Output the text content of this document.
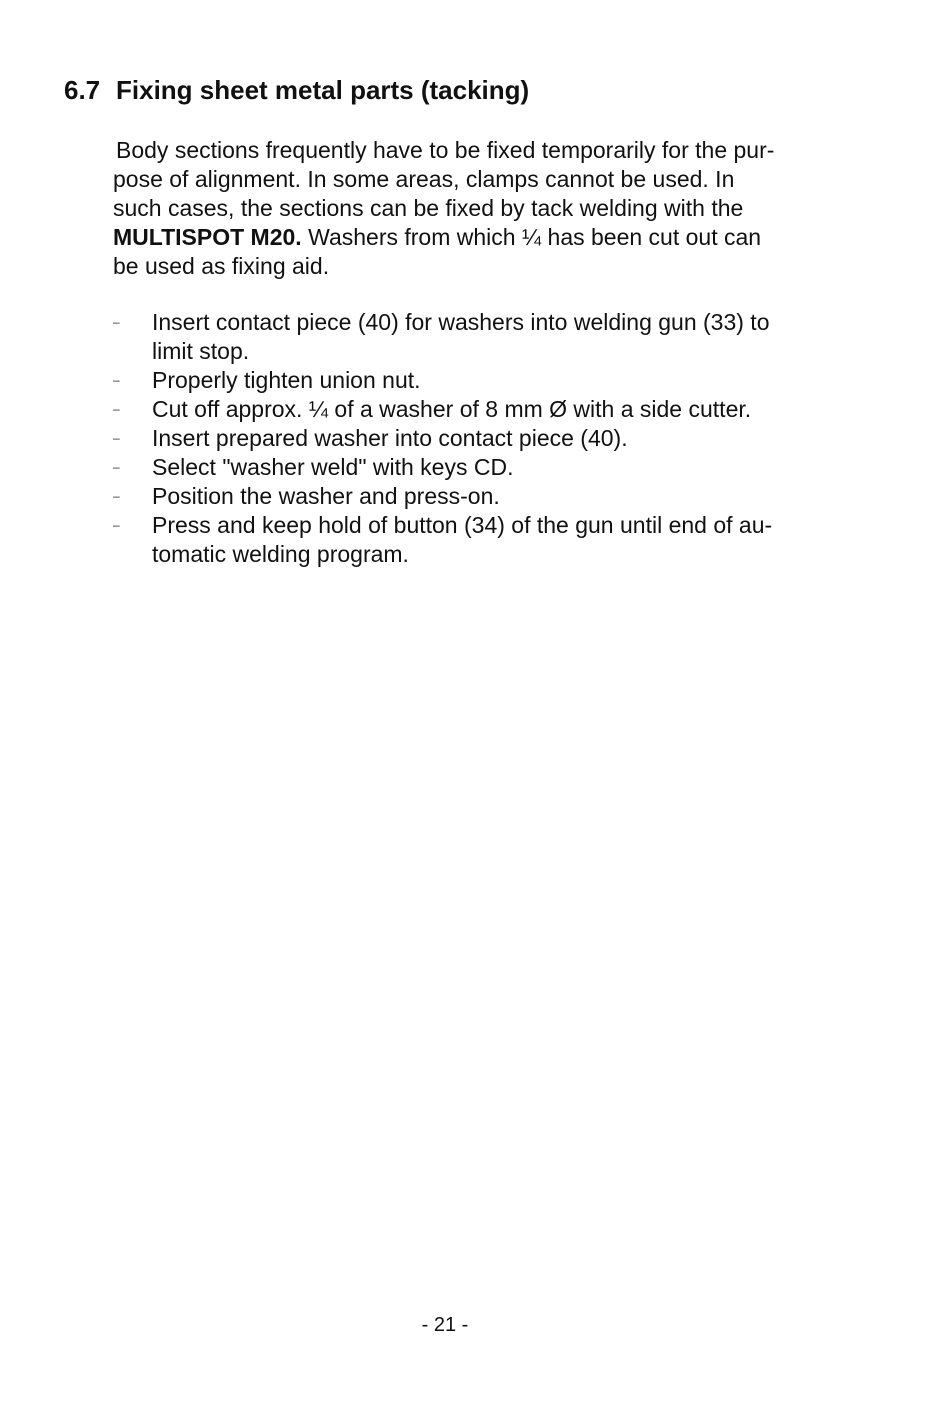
6.7 Fixing sheet metal parts (tacking)
Body sections frequently have to be fixed temporarily for the pur-
pose of alignment. In some areas, clamps cannot be used. In
such cases, the sections can be fixed by tack welding with the
MULTISPOT M20. Washers from which ¼ has been cut out can
be used as fixing aid.
– Insert contact piece (40) for washers into welding gun (33) to
limit stop.
– Properly tighten union nut.
– Cut off approx. ¼ of a washer of 8 mm Ø with a side cutter.
– Insert prepared washer into contact piece (40).
– Select "washer weld" with keys CD.
– Position the washer and press-on.
– Press and keep hold of button (34) of the gun until end of au-
tomatic welding program.
- 21 -
